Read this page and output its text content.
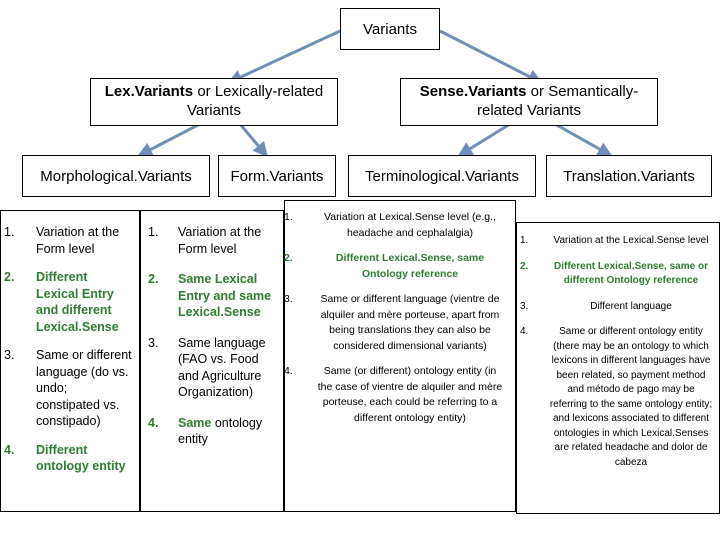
Variants
Lex.Variants or Lexically-related Variants
Sense.Variants or Semantically-related Variants
Morphological.Variants	Form.Variants	Terminological.Variants	Translation.Variants
1.	Variation at the Form level
2.	Different Lexical Entry and different Lexical.Sense
3.	Same or different language (do vs. undo; constipated vs. constipado)
4.	Different ontology entity
1.	Variation at the Form level
2.	Same Lexical Entry and same Lexical.Sense
3.	Same language (FAO vs. Food and Agriculture Organization)
4.	Same ontology entity
1.	Variation at Lexical.Sense level (e.g., headache and cephalalgia)
2.	Different Lexical.Sense, same Ontology reference
3.	Same or different language (vientre de alquiler and mère porteuse, apart from being translations they can also be considered dimensional variants)
4.	Same (or different) ontology entity (in the case of vientre de alquiler and mère porteuse, each could be referring to a different ontology entity)
1.	Variation at the Lexical.Sense level
2.	Different Lexical.Sense, same or different Ontology reference
3.	Different language
4.	Same or different ontology entity (there may be an ontology to which lexicons in different languages have been related, so payment method and método de pago may be referring to the same ontology entity; and lexicons associated to different ontologies in which Lexical.Senses are related headache and dolor de cabeza
